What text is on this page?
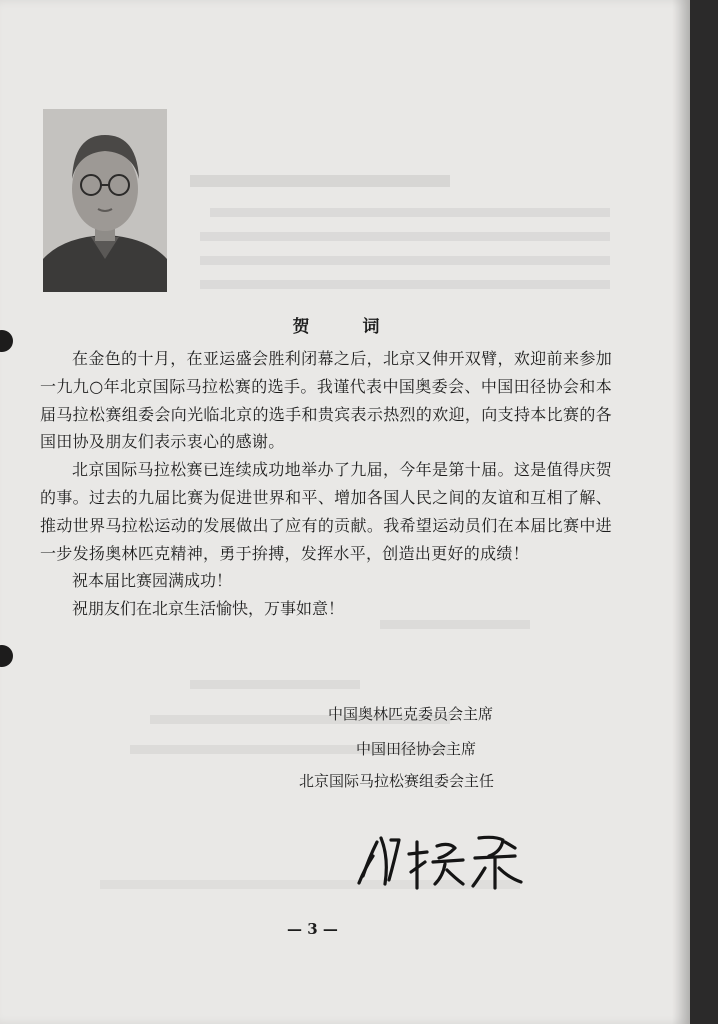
贺　词

在金色的十月，在亚运盛会胜利闭幕之后，北京又伸开双臂，欢迎前来参加一九九○年北京国际马拉松赛的选手。我谨代表中国奥委会、中国田径协会和本届马拉松赛组委会向光临北京的选手和贵宾表示热烈的欢迎，向支持本比赛的各国田协及朋友们表示衷心的感谢。

北京国际马拉松赛已连续成功地举办了九届，今年是第十届。这是值得庆贺的事。过去的九届比赛为促进世界和平、增加各国人民之间的友谊和互相了解、推动世界马拉松运动的发展做出了应有的贡献。我希望运动员们在本届比赛中进一步发扬奥林匹克精神，勇于拚搏，发挥水平，创造出更好的成绩！

祝本届比赛园满成功！

祝朋友们在北京生活愉快，万事如意！

中国奥林匹克委员会主席
中国田径协会主席
北京国际马拉松赛组委会主任
— 3 —
